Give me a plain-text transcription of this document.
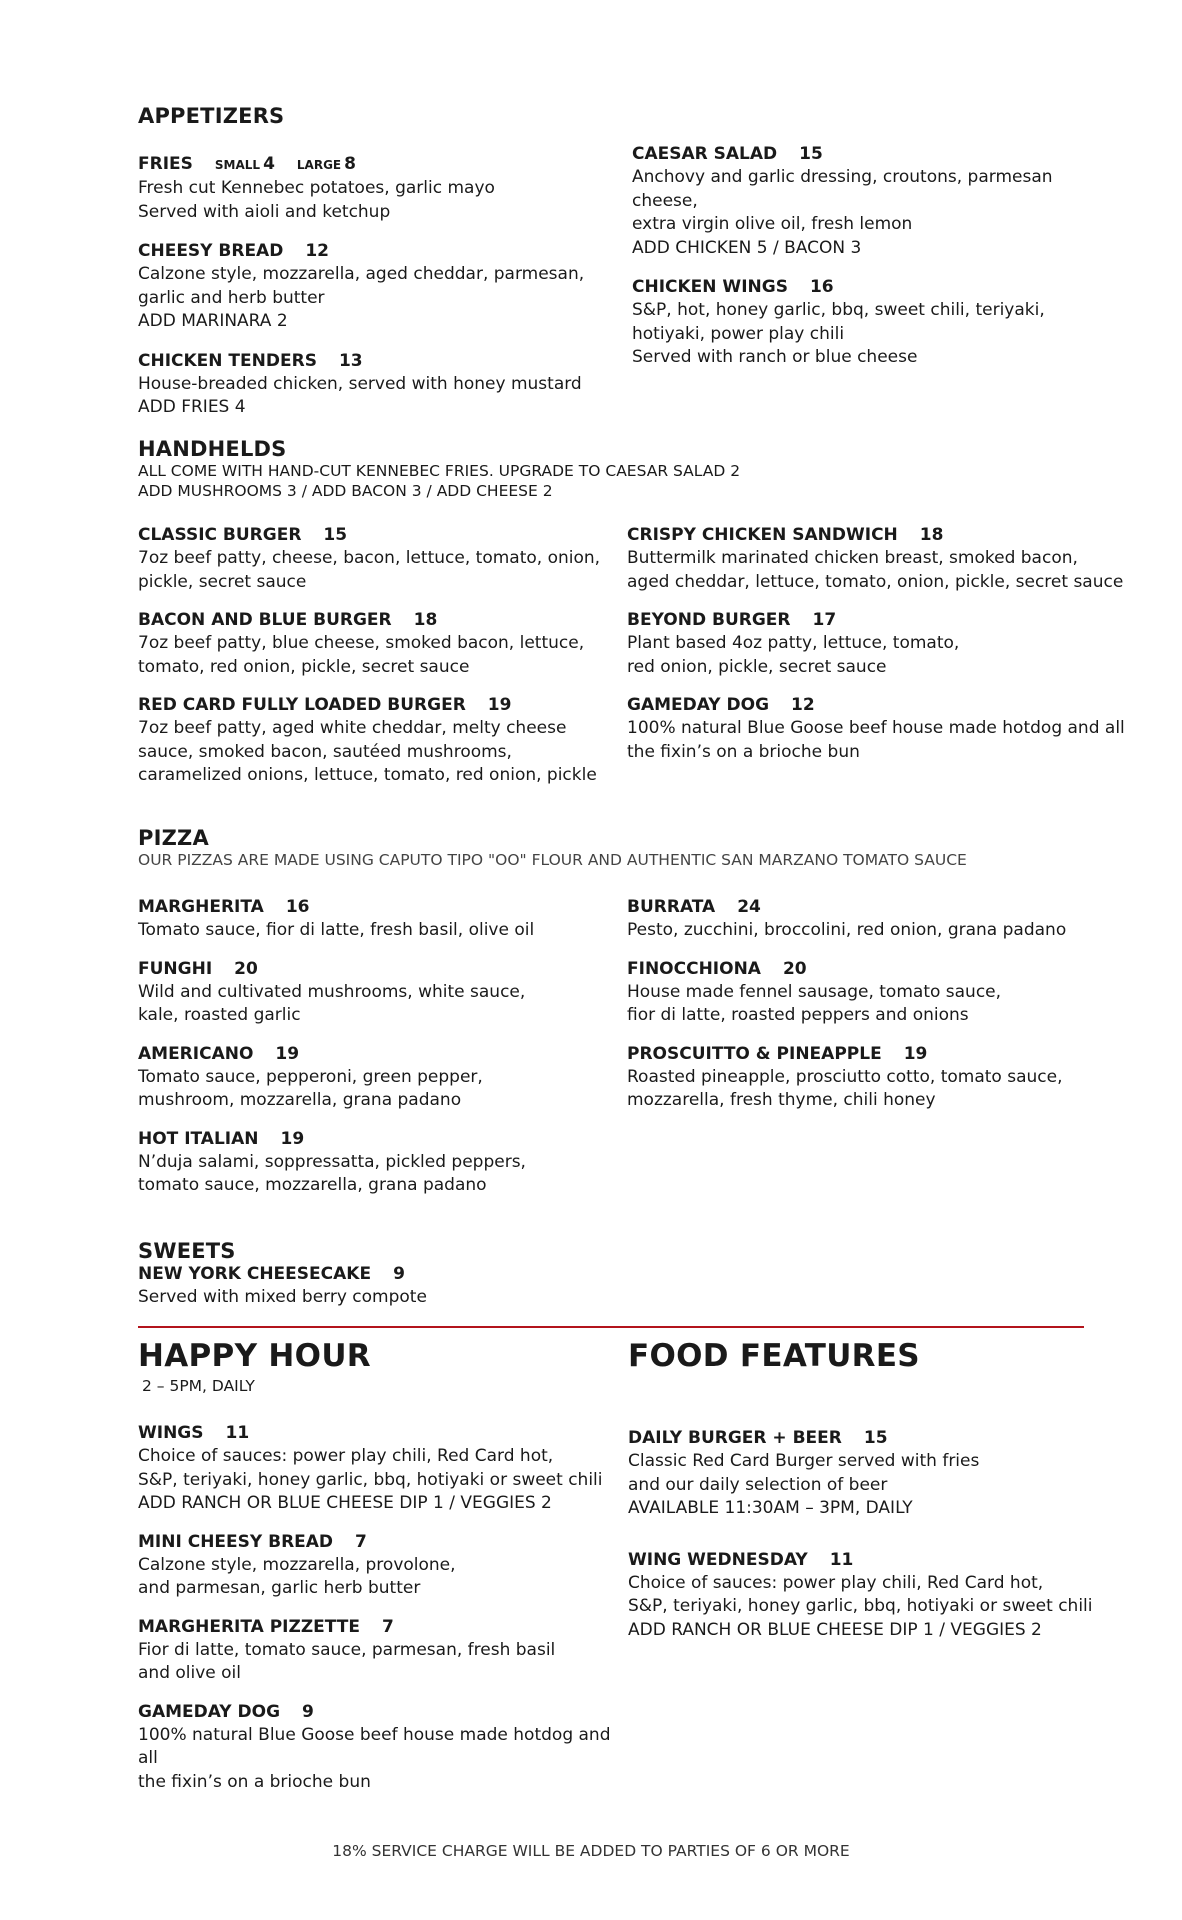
APPETIZERS
FRIES SMALL 4 LARGE 8
Fresh cut Kennebec potatoes, garlic mayo
Served with aioli and ketchup
CHEESY BREAD 12
Calzone style, mozzarella, aged cheddar, parmesan,
garlic and herb butter
ADD MARINARA 2
CHICKEN TENDERS 13
House-breaded chicken, served with honey mustard
ADD FRIES 4
CAESAR SALAD 15
Anchovy and garlic dressing, croutons, parmesan cheese,
extra virgin olive oil, fresh lemon
ADD CHICKEN 5 / BACON 3
CHICKEN WINGS 16
S&P, hot, honey garlic, bbq, sweet chili, teriyaki,
hotiyaki, power play chili
Served with ranch or blue cheese
HANDHELDS
ALL COME WITH HAND-CUT KENNEBEC FRIES. UPGRADE TO CAESAR SALAD 2
ADD MUSHROOMS 3 / ADD BACON 3 / ADD CHEESE 2
CLASSIC BURGER 15
7oz beef patty, cheese, bacon, lettuce, tomato, onion,
pickle, secret sauce
BACON AND BLUE BURGER 18
7oz beef patty, blue cheese, smoked bacon, lettuce,
tomato, red onion, pickle, secret sauce
RED CARD FULLY LOADED BURGER 19
7oz beef patty, aged white cheddar, melty cheese
sauce, smoked bacon, sautéed mushrooms,
caramelized onions, lettuce, tomato, red onion, pickle
CRISPY CHICKEN SANDWICH 18
Buttermilk marinated chicken breast, smoked bacon,
aged cheddar, lettuce, tomato, onion, pickle, secret sauce
BEYOND BURGER 17
Plant based 4oz patty, lettuce, tomato,
red onion, pickle, secret sauce
GAMEDAY DOG 12
100% natural Blue Goose beef house made hotdog and all
the fixin’s on a brioche bun
PIZZA
OUR PIZZAS ARE MADE USING CAPUTO TIPO "OO" FLOUR AND AUTHENTIC SAN MARZANO TOMATO SAUCE
MARGHERITA 16
Tomato sauce, fior di latte, fresh basil, olive oil
FUNGHI 20
Wild and cultivated mushrooms, white sauce,
kale, roasted garlic
AMERICANO 19
Tomato sauce, pepperoni, green pepper,
mushroom, mozzarella, grana padano
HOT ITALIAN 19
N’duja salami, soppressatta, pickled peppers,
tomato sauce, mozzarella, grana padano
BURRATA 24
Pesto, zucchini, broccolini, red onion, grana padano
FINOCCHIONA 20
House made fennel sausage, tomato sauce,
fior di latte, roasted peppers and onions
PROSCUITTO & PINEAPPLE 19
Roasted pineapple, prosciutto cotto, tomato sauce,
mozzarella, fresh thyme, chili honey
SWEETS
NEW YORK CHEESECAKE 9
Served with mixed berry compote
HAPPY HOUR
2 – 5PM, DAILY
WINGS 11
Choice of sauces: power play chili, Red Card hot,
S&P, teriyaki, honey garlic, bbq, hotiyaki or sweet chili
ADD RANCH OR BLUE CHEESE DIP 1 / VEGGIES 2
MINI CHEESY BREAD 7
Calzone style, mozzarella, provolone,
and parmesan, garlic herb butter
MARGHERITA PIZZETTE 7
Fior di latte, tomato sauce, parmesan, fresh basil
and olive oil
GAMEDAY DOG 9
100% natural Blue Goose beef house made hotdog and all
the fixin’s on a brioche bun
FOOD FEATURES
DAILY BURGER + BEER 15
Classic Red Card Burger served with fries
and our daily selection of beer
AVAILABLE 11:30AM – 3PM, DAILY
WING WEDNESDAY 11
Choice of sauces: power play chili, Red Card hot,
S&P, teriyaki, honey garlic, bbq, hotiyaki or sweet chili
ADD RANCH OR BLUE CHEESE DIP 1 / VEGGIES 2
18% SERVICE CHARGE WILL BE ADDED TO PARTIES OF 6 OR MORE
